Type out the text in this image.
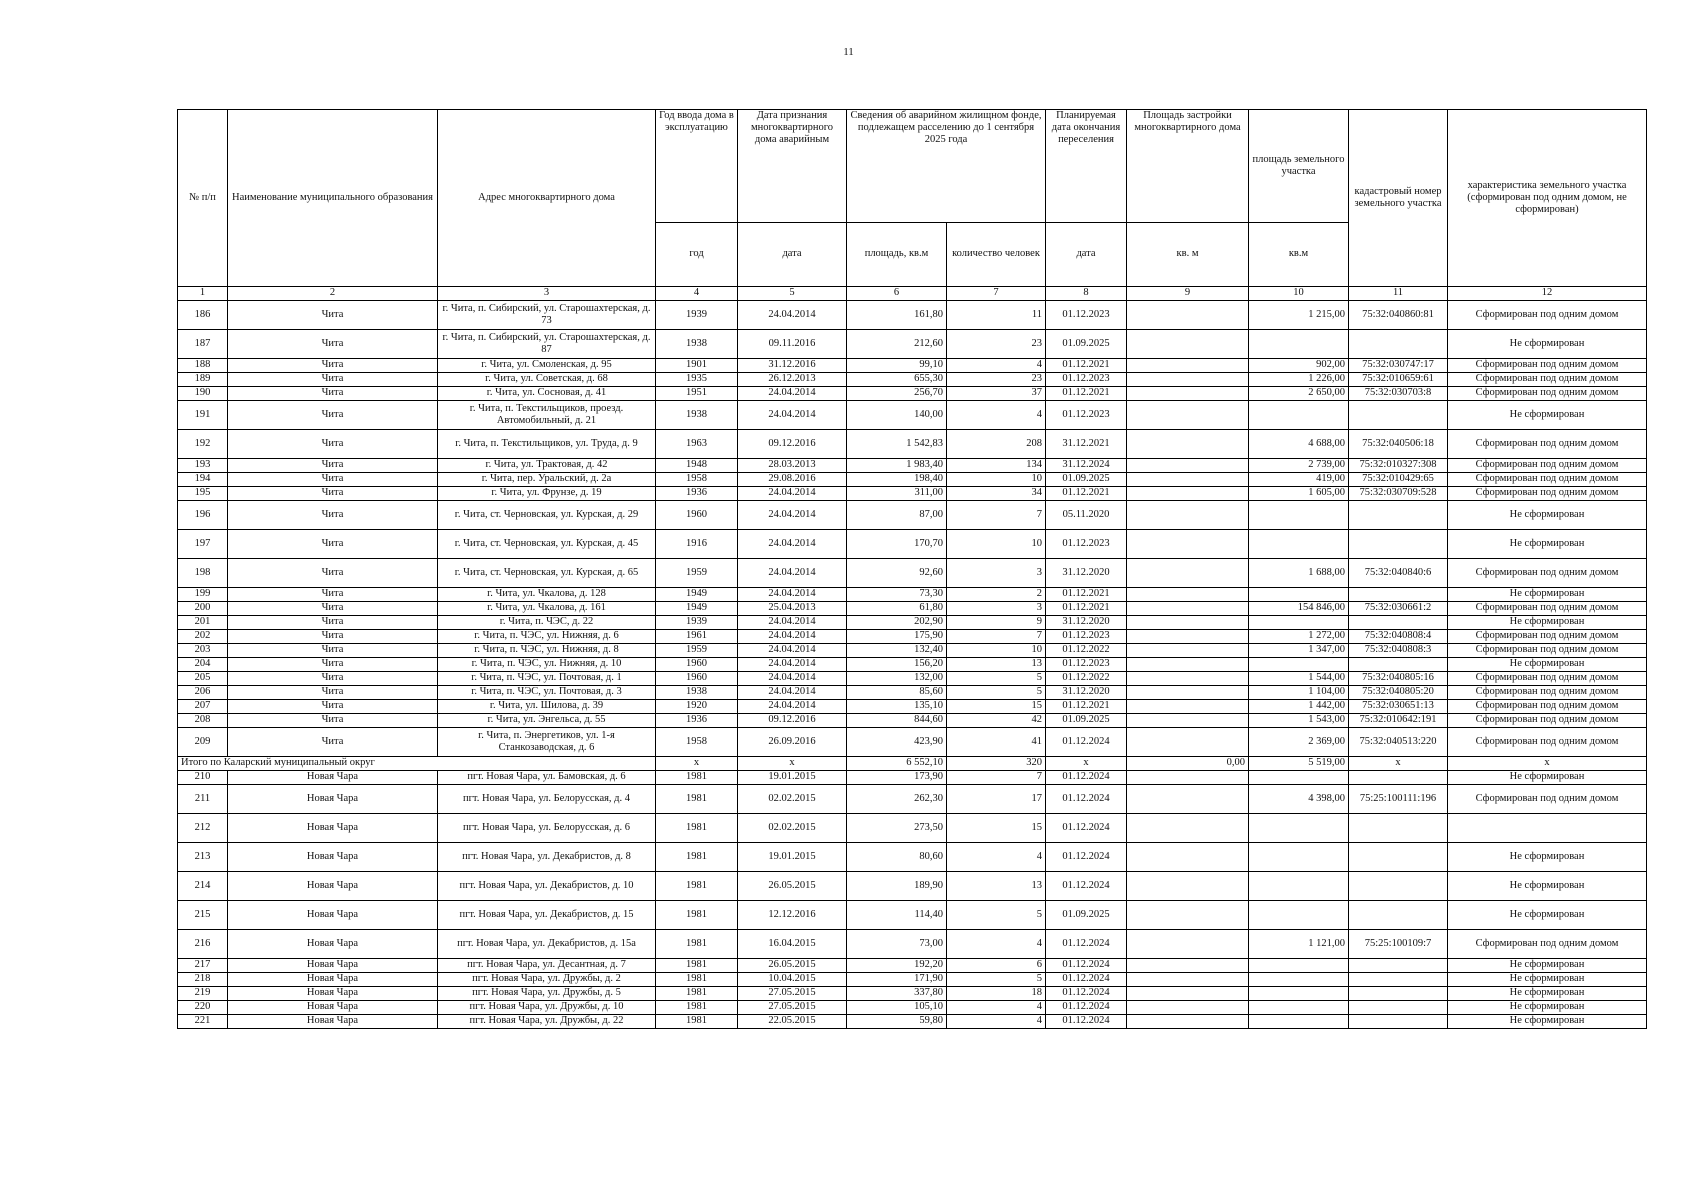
11
№ п/п	Наименование муниципального образования	Адрес многоквартирного дома	Год ввода дома в эксплуатацию	Дата признания многоквартирного дома аварийным	Сведения об аварийном жилищном фонде, подлежащем расселению до 1 сентября 2025 года		Планируемая дата окончания переселения	Площадь застройки многоквартирного дома	площадь земельного участка	кадастровый номер земельного участка	характеристика земельного участка (сформирован под одним домом, не сформирован)
			год	дата	площадь, кв.м	количество человек	дата	кв. м	кв.м		
1	2	3	4	5	6	7	8	9	10	11	12
186	Чита	г. Чита, п. Сибирский, ул. Старошахтерская, д. 73	1939	24.04.2014	161,80	11	01.12.2023		1 215,00	75:32:040860:81	Сформирован под одним домом
187	Чита	г. Чита, п. Сибирский, ул. Старошахтерская, д. 87	1938	09.11.2016	212,60	23	01.09.2025				Не сформирован
188	Чита	г. Чита, ул. Смоленская, д. 95	1901	31.12.2016	99,10	4	01.12.2021		902,00	75:32:030747:17	Сформирован под одним домом
189	Чита	г. Чита, ул. Советская, д. 68	1935	26.12.2013	655,30	23	01.12.2023		1 226,00	75:32:010659:61	Сформирован под одним домом
190	Чита	г. Чита, ул. Сосновая, д. 41	1951	24.04.2014	256,70	37	01.12.2021		2 650,00	75:32:030703:8	Сформирован под одним домом
191	Чита	г. Чита, п. Текстильщиков, проезд. Автомобильный, д. 21	1938	24.04.2014	140,00	4	01.12.2023				Не сформирован
192	Чита	г. Чита, п. Текстильщиков, ул. Труда, д. 9	1963	09.12.2016	1 542,83	208	31.12.2021		4 688,00	75:32:040506:18	Сформирован под одним домом
193	Чита	г. Чита, ул. Трактовая, д. 42	1948	28.03.2013	1 983,40	134	31.12.2024		2 739,00	75:32:010327:308	Сформирован под одним домом
194	Чита	г. Чита, пер. Уральский, д. 2а	1958	29.08.2016	198,40	10	01.09.2025		419,00	75:32:010429:65	Сформирован под одним домом
195	Чита	г. Чита, ул. Фрунзе, д. 19	1936	24.04.2014	311,00	34	01.12.2021		1 605,00	75:32:030709:528	Сформирован под одним домом
196	Чита	г. Чита, ст. Черновская, ул. Курская, д. 29	1960	24.04.2014	87,00	7	05.11.2020				Не сформирован
197	Чита	г. Чита, ст. Черновская, ул. Курская, д. 45	1916	24.04.2014	170,70	10	01.12.2023				Не сформирован
198	Чита	г. Чита, ст. Черновская, ул. Курская, д. 65	1959	24.04.2014	92,60	3	31.12.2020		1 688,00	75:32:040840:6	Сформирован под одним домом
199	Чита	г. Чита, ул. Чкалова, д. 128	1949	24.04.2014	73,30	2	01.12.2021				Не сформирован
200	Чита	г. Чита, ул. Чкалова, д. 161	1949	25.04.2013	61,80	3	01.12.2021		154 846,00	75:32:030661:2	Сформирован под одним домом
201	Чита	г. Чита, п. ЧЭС, д. 22	1939	24.04.2014	202,90	9	31.12.2020				Не сформирован
202	Чита	г. Чита, п. ЧЭС, ул. Нижняя, д. 6	1961	24.04.2014	175,90	7	01.12.2023		1 272,00	75:32:040808:4	Сформирован под одним домом
203	Чита	г. Чита, п. ЧЭС, ул. Нижняя, д. 8	1959	24.04.2014	132,40	10	01.12.2022		1 347,00	75:32:040808:3	Сформирован под одним домом
204	Чита	г. Чита, п. ЧЭС, ул. Нижняя, д. 10	1960	24.04.2014	156,20	13	01.12.2023				Не сформирован
205	Чита	г. Чита, п. ЧЭС, ул. Почтовая, д. 1	1960	24.04.2014	132,00	5	01.12.2022		1 544,00	75:32:040805:16	Сформирован под одним домом
206	Чита	г. Чита, п. ЧЭС, ул. Почтовая, д. 3	1938	24.04.2014	85,60	5	31.12.2020		1 104,00	75:32:040805:20	Сформирован под одним домом
207	Чита	г. Чита, ул. Шилова, д. 39	1920	24.04.2014	135,10	15	01.12.2021		1 442,00	75:32:030651:13	Сформирован под одним домом
208	Чита	г. Чита, ул. Энгельса, д. 55	1936	09.12.2016	844,60	42	01.09.2025		1 543,00	75:32:010642:191	Сформирован под одним домом
209	Чита	г. Чита, п. Энергетиков, ул. 1-я Станкозаводская, д. 6	1958	26.09.2016	423,90	41	01.12.2024		2 369,00	75:32:040513:220	Сформирован под одним домом
Итого по Каларский муниципальный округ			x	x	6 552,10	320	x	0,00	5 519,00	x	x
210	Новая Чара	пгт. Новая Чара, ул. Бамовская, д. 6	1981	19.01.2015	173,90	7	01.12.2024				Не сформирован
211	Новая Чара	пгт. Новая Чара, ул. Белорусская, д. 4	1981	02.02.2015	262,30	17	01.12.2024		4 398,00	75:25:100111:196	Сформирован под одним домом
212	Новая Чара	пгт. Новая Чара, ул. Белорусская, д. 6	1981	02.02.2015	273,50	15	01.12.2024				
213	Новая Чара	пгт. Новая Чара, ул. Декабристов, д. 8	1981	19.01.2015	80,60	4	01.12.2024				Не сформирован
214	Новая Чара	пгт. Новая Чара, ул. Декабристов, д. 10	1981	26.05.2015	189,90	13	01.12.2024				Не сформирован
215	Новая Чара	пгт. Новая Чара, ул. Декабристов, д. 15	1981	12.12.2016	114,40	5	01.09.2025				Не сформирован
216	Новая Чара	пгт. Новая Чара, ул. Декабристов, д. 15а	1981	16.04.2015	73,00	4	01.12.2024		1 121,00	75:25:100109:7	Сформирован под одним домом
217	Новая Чара	пгт. Новая Чара, ул. Десантная, д. 7	1981	26.05.2015	192,20	6	01.12.2024				Не сформирован
218	Новая Чара	пгт. Новая Чара, ул. Дружбы, д. 2	1981	10.04.2015	171,90	5	01.12.2024				Не сформирован
219	Новая Чара	пгт. Новая Чара, ул. Дружбы, д. 5	1981	27.05.2015	337,80	18	01.12.2024				Не сформирован
220	Новая Чара	пгт. Новая Чара, ул. Дружбы, д. 10	1981	27.05.2015	105,10	4	01.12.2024				Не сформирован
221	Новая Чара	пгт. Новая Чара, ул. Дружбы, д. 22	1981	22.05.2015	59,80	4	01.12.2024				Не сформирован
